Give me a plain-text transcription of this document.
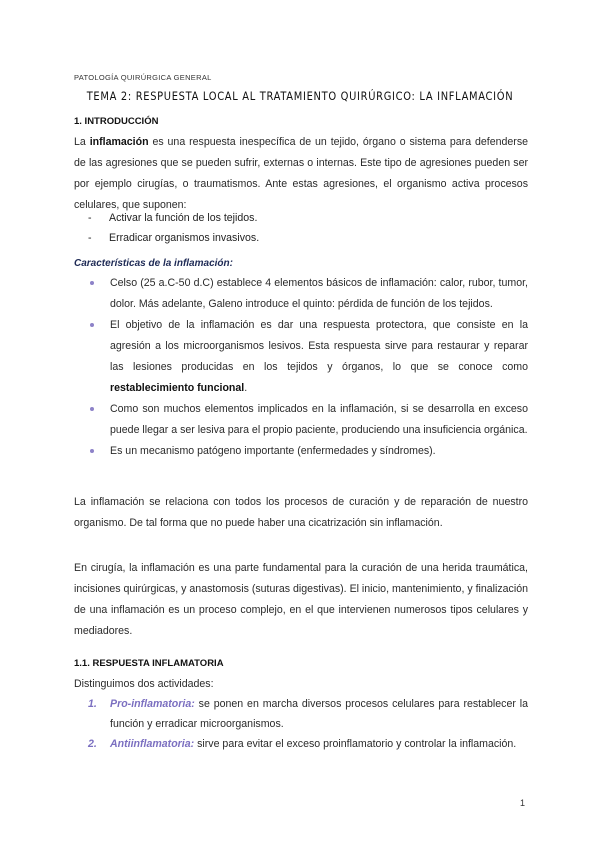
PATOLOGÍA QUIRÚRGICA GENERAL
TEMA 2: RESPUESTA LOCAL AL TRATAMIENTO QUIRÚRGICO: LA INFLAMACIÓN
1. INTRODUCCIÓN
La inflamación es una respuesta inespecífica de un tejido, órgano o sistema para defenderse de las agresiones que se pueden sufrir, externas o internas. Este tipo de agresiones pueden ser por ejemplo cirugías, o traumatismos. Ante estas agresiones, el organismo activa procesos celulares, que suponen:
- Activar la función de los tejidos.
- Erradicar organismos invasivos.
Características de la inflamación:
Celso (25 a.C-50 d.C) establece 4 elementos básicos de inflamación: calor, rubor, tumor, dolor. Más adelante, Galeno introduce el quinto: pérdida de función de los tejidos.
El objetivo de la inflamación es dar una respuesta protectora, que consiste en la agresión a los microorganismos lesivos. Esta respuesta sirve para restaurar y reparar las lesiones producidas en los tejidos y órganos, lo que se conoce como restablecimiento funcional.
Como son muchos elementos implicados en la inflamación, si se desarrolla en exceso puede llegar a ser lesiva para el propio paciente, produciendo una insuficiencia orgánica.
Es un mecanismo patógeno importante (enfermedades y síndromes).
La inflamación se relaciona con todos los procesos de curación y de reparación de nuestro organismo. De tal forma que no puede haber una cicatrización sin inflamación.
En cirugía, la inflamación es una parte fundamental para la curación de una herida traumática, incisiones quirúrgicas, y anastomosis (suturas digestivas). El inicio, mantenimiento, y finalización de una inflamación es un proceso complejo, en el que intervienen numerosos tipos celulares y mediadores.
1.1. RESPUESTA INFLAMATORIA
Distinguimos dos actividades:
1. Pro-inflamatoria: se ponen en marcha diversos procesos celulares para restablecer la función y erradicar microorganismos.
2. Antiinflamatoria: sirve para evitar el exceso proinflamatorio y controlar la inflamación.
1
